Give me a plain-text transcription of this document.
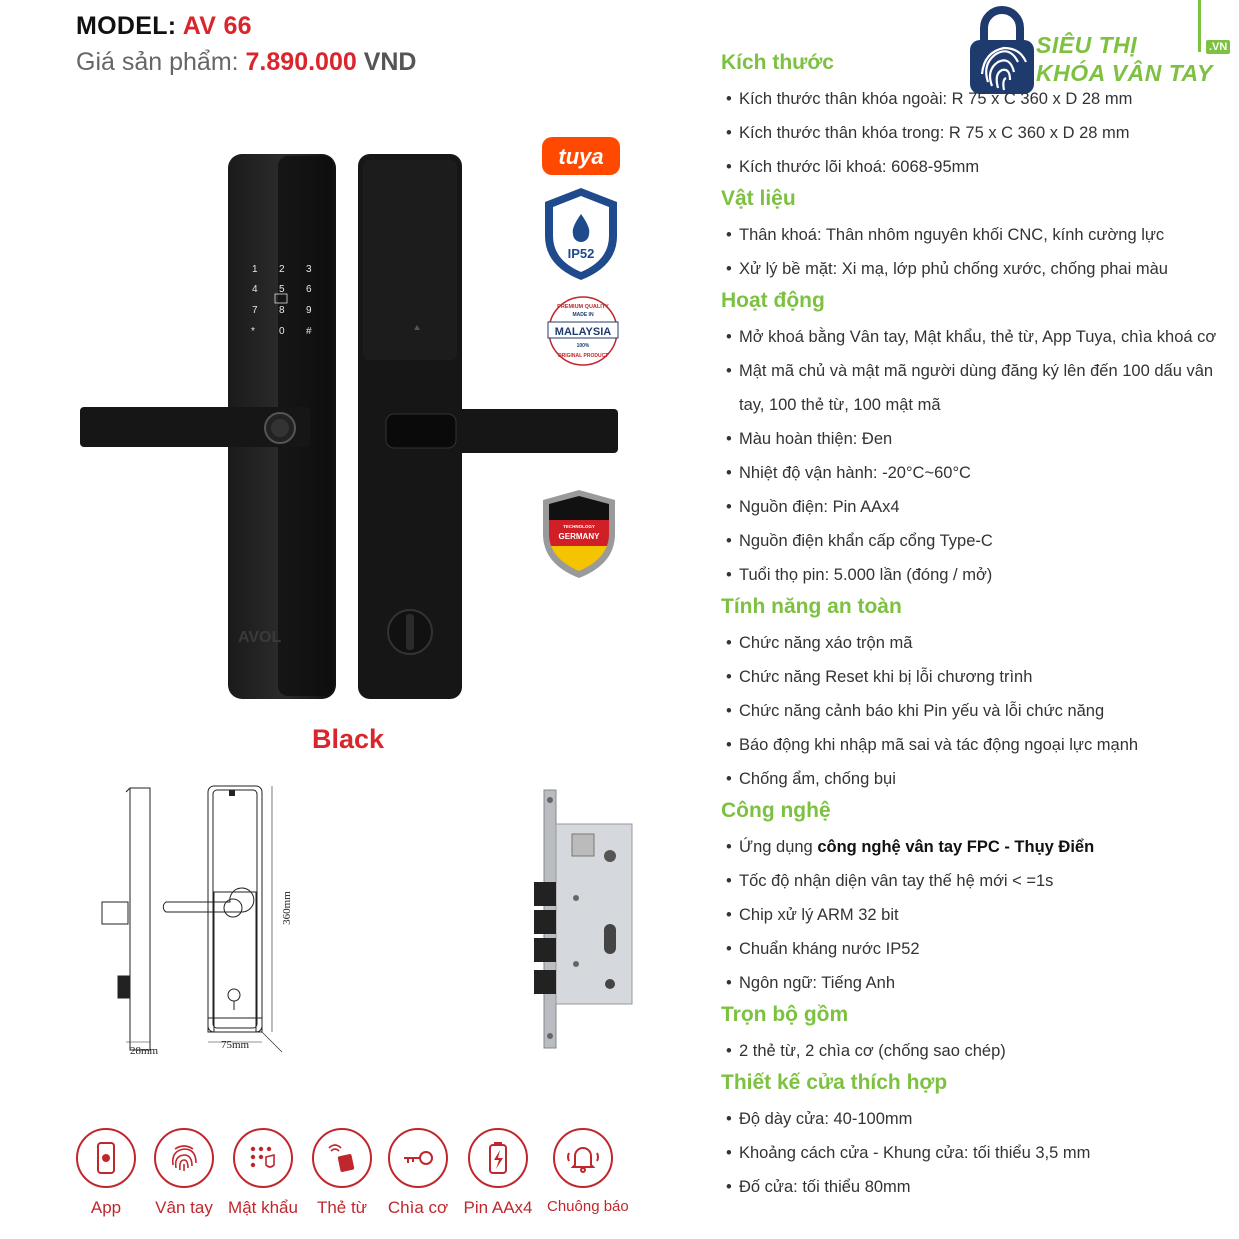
MODEL: AV 66
Giá sản phẩm: 7.890.000 VND
.VN
SIÊU THỊ
KHÓA VÂN TAY
1 2 3
4 5 6
7 8 9
* 0 #
AVOL
tuya
IP52
PREMIUM QUALITY
MADE IN
MALAYSIA
100%
ORIGINAL PRODUCT
TECHNOLOGY
GERMANY
Black
360mm
75mm
28mm
Kích thước
• Kích thước thân khóa ngoài: R 75 x C 360 x D 28 mm
• Kích thước thân khóa trong: R 75 x C 360 x D 28 mm
• Kích thước lõi khoá: 6068-95mm
Vật liệu
• Thân khoá: Thân nhôm nguyên khối CNC, kính cường lực
• Xử lý bề mặt: Xi mạ, lớp phủ chống xước, chống phai màu
Hoạt động
• Mở khoá bằng Vân tay, Mật khẩu, thẻ từ, App Tuya, chìa khoá cơ
• Mật mã chủ và mật mã người dùng đăng ký lên đến 100 dấu vân tay, 100 thẻ từ, 100 mật mã
• Màu hoàn thiện: Đen
• Nhiệt độ vận hành: -20°C~60°C
• Nguồn điện: Pin AAx4
• Nguồn điện khẩn cấp cổng Type-C
• Tuổi thọ pin: 5.000 lần (đóng / mở)
Tính năng an toàn
• Chức năng xáo trộn mã
• Chức năng Reset khi bị lỗi chương trình
• Chức năng cảnh báo khi Pin yếu và lỗi chức năng
• Báo động khi nhập mã sai và tác động ngoại lực mạnh
• Chống ẩm, chống bụi
Công nghệ
• Ứng dụng công nghệ vân tay FPC - Thụy Điển
• Tốc độ nhận diện vân tay thế hệ mới < =1s
• Chip xử lý ARM 32 bit
• Chuẩn kháng nước IP52
• Ngôn ngữ: Tiếng Anh
Trọn bộ gồm
• 2 thẻ từ, 2 chìa cơ (chống sao chép)
Thiết kế cửa thích hợp
• Độ dày cửa: 40-100mm
• Khoảng cách cửa - Khung cửa: tối thiểu 3,5 mm
• Đố cửa: tối thiểu 80mm
App	Vân tay Mật khẩu	Thẻ từ	Chìa cơ Pin AAx4 Chuông báo
